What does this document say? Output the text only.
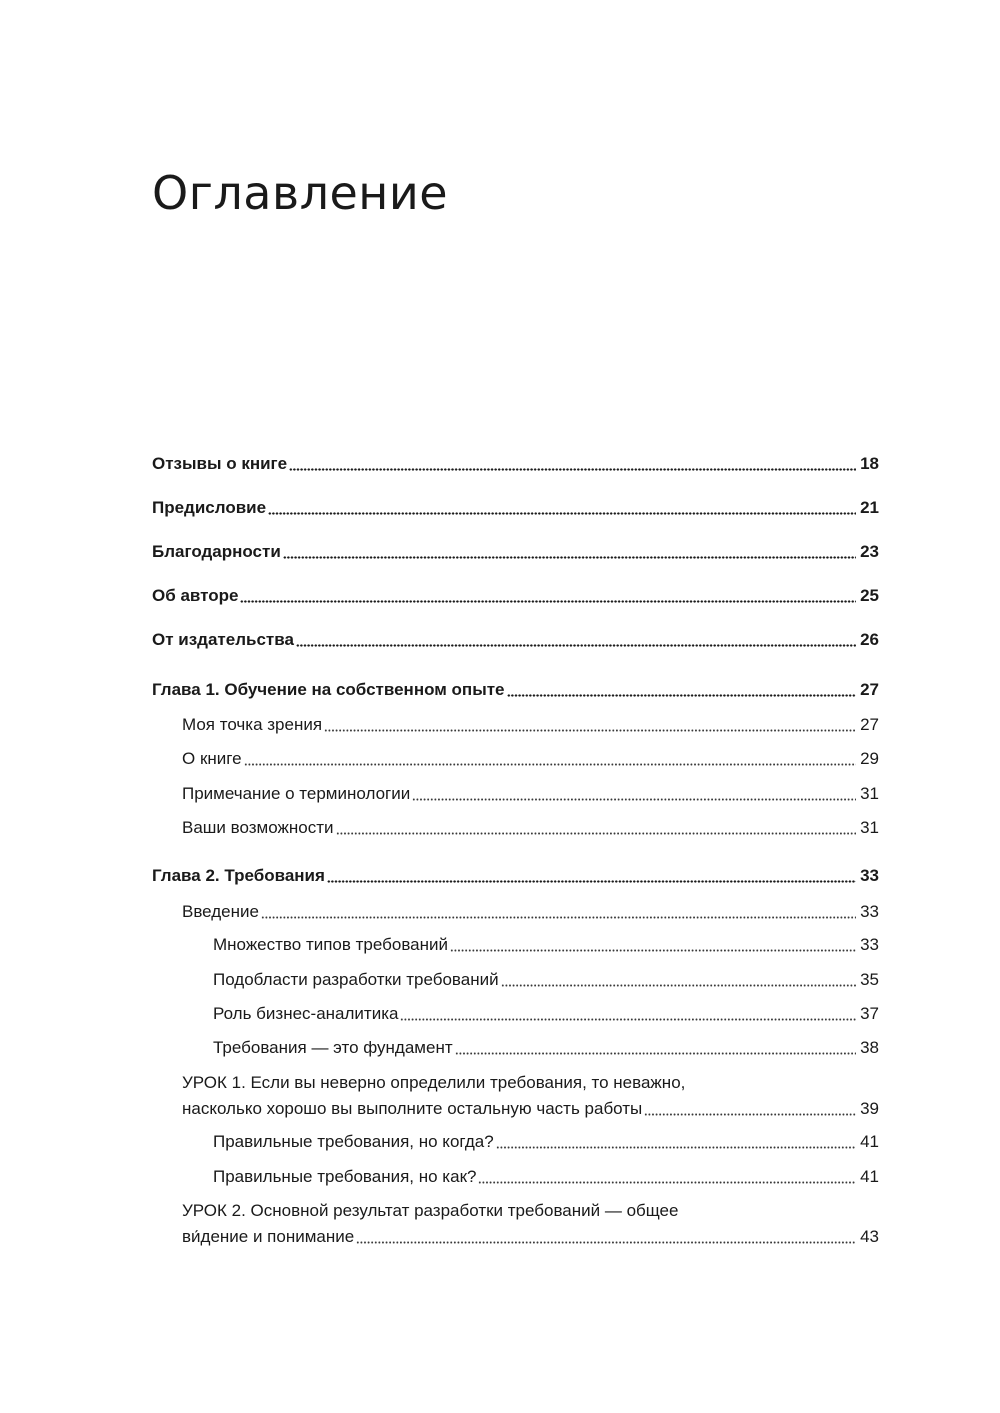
Оглавление
Отзывы о книге	18
Предисловие	21
Благодарности	23
Об авторе	25
От издательства	26
Глава 1. Обучение на собственном опыте	27
Моя точка зрения	27
О книге	29
Примечание о терминологии	31
Ваши возможности	31
Глава 2. Требования	33
Введение	33
Множество типов требований	33
Подобласти разработки требований	35
Роль бизнес-аналитика	37
Требования — это фундамент	38
УРОК 1. Если вы неверно определили требования, то неважно,
насколько хорошо вы выполните остальную часть работы	39
Правильные требования, но когда?	41
Правильные требования, но как?	41
УРОК 2. Основной результат разработки требований — общее
ви́дение и понимание	43
